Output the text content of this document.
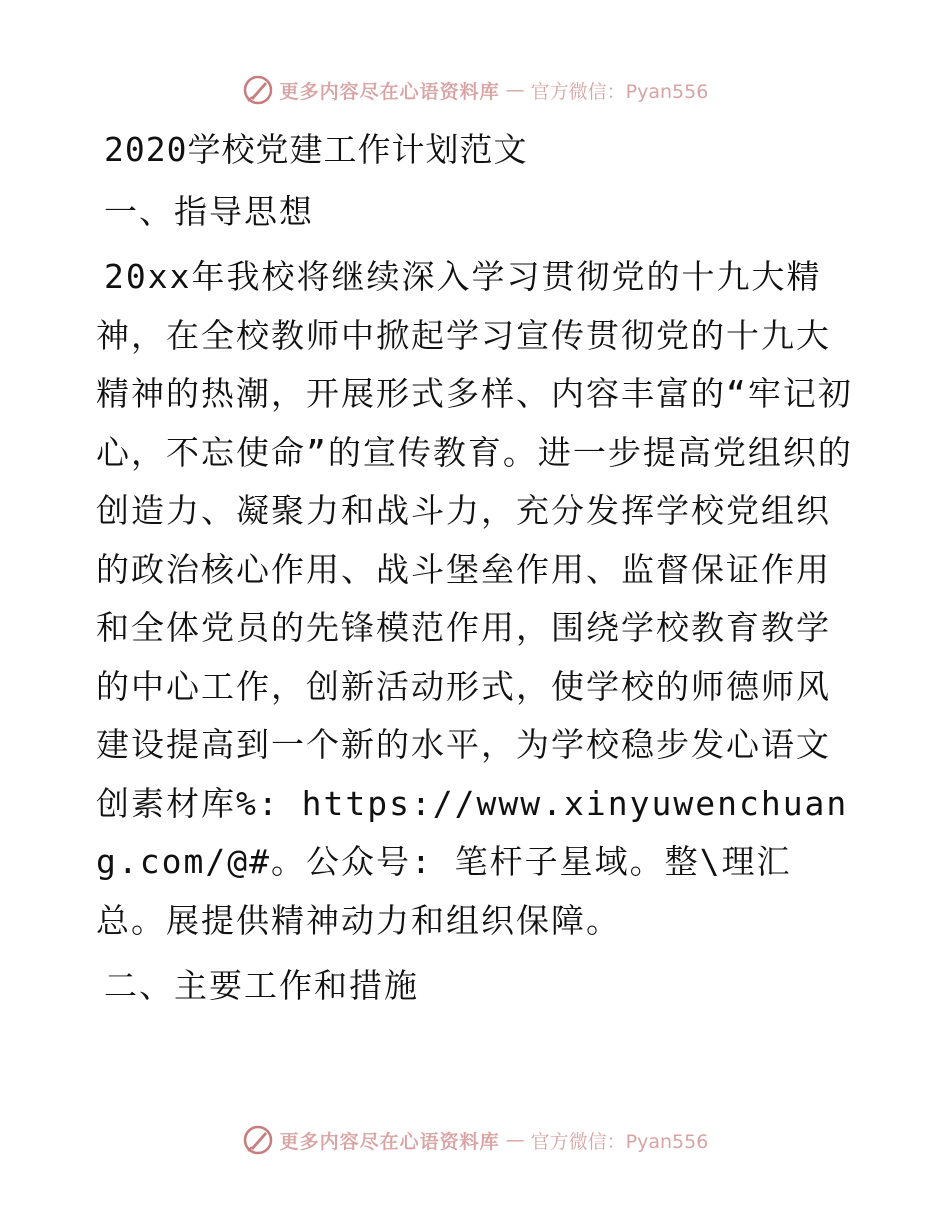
更多内容尽在心语资料库 — 官方微信：Pyan556
2020学校党建工作计划范文
一、指导思想
20xx年我校将继续深入学习贯彻党的十九大精神，在全校教师中掀起学习宣传贯彻党的十九大精神的热潮，开展形式多样、内容丰富的“牢记初心，不忘使命”的宣传教育。进一步提高党组织的创造力、凝聚力和战斗力，充分发挥学校党组织的政治核心作用、战斗堡垒作用、监督保证作用和全体党员的先锋模范作用，围绕学校教育教学的中心工作，创新活动形式，使学校的师德师风建设提高到一个新的水平，为学校稳步发心语文创素材库%: https://www.xinyuwenchuang.com/@#。公众号: 笔杆子星域。整\理汇总。展提供精神动力和组织保障。
二、主要工作和措施
更多内容尽在心语资料库 — 官方微信：Pyan556
